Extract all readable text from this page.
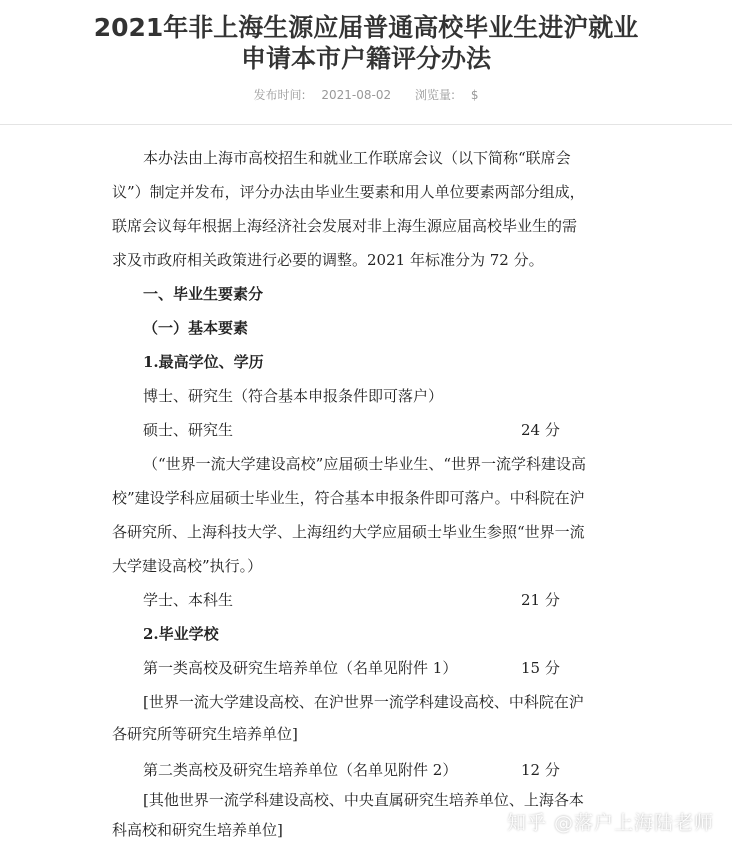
2021年非上海生源应届普通高校毕业生进沪就业
申请本市户籍评分办法
发布时间: 2021-08-02 浏览量: $
本办法由上海市高校招生和就业工作联席会议（以下简称“联席会
议”）制定并发布，评分办法由毕业生要素和用人单位要素两部分组成，
联席会议每年根据上海经济社会发展对非上海生源应届高校毕业生的需
求及市政府相关政策进行必要的调整。2021 年标准分为 72 分。
一、毕业生要素分
（一）基本要素
1.最高学位、学历
博士、研究生（符合基本申报条件即可落户）
硕士、研究生	24 分
（“世界一流大学建设高校”应届硕士毕业生、“世界一流学科建设高
校”建设学科应届硕士毕业生，符合基本申报条件即可落户。中科院在沪
各研究所、上海科技大学、上海纽约大学应届硕士毕业生参照“世界一流
大学建设高校”执行。）
学士、本科生	21 分
2.毕业学校
第一类高校及研究生培养单位（名单见附件 1）	15 分
[世界一流大学建设高校、在沪世界一流学科建设高校、中科院在沪
各研究所等研究生培养单位]
第二类高校及研究生培养单位（名单见附件 2）	12 分
[其他世界一流学科建设高校、中央直属研究生培养单位、上海各本
科高校和研究生培养单位]	知乎 @落户上海陆老师
